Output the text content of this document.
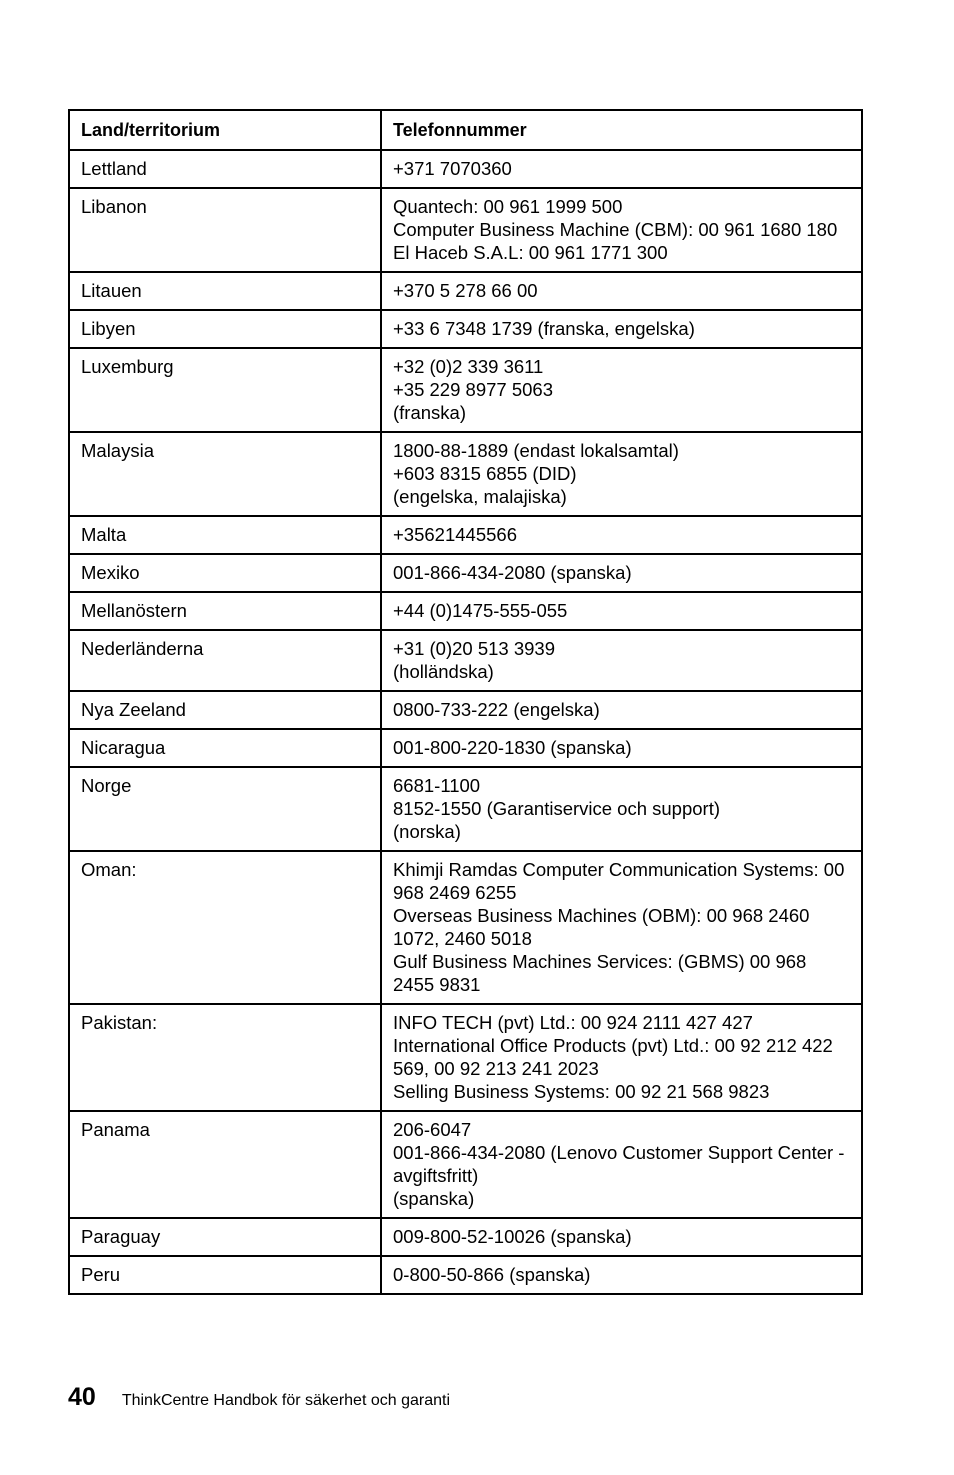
Land/territorium	Telefonnummer
Lettland	+371 7070360

Libanon	Quantech: 00 961 1999 500
Computer Business Machine (CBM): 00 961 1680 180
El Haceb S.A.L: 00 961 1771 300

Litauen	+370 5 278 66 00

Libyen	+33 6 7348 1739 (franska, engelska)

Luxemburg	+32 (0)2 339 3611
+35 229 8977 5063
(franska)

Malaysia	1800-88-1889 (endast lokalsamtal)
+603 8315 6855 (DID)
(engelska, malajiska)

Malta	+35621445566

Mexiko	001-866-434-2080 (spanska)

Mellanöstern	+44 (0)1475-555-055

Nederländerna	+31 (0)20 513 3939
(holländska)

Nya Zeeland	0800-733-222 (engelska)

Nicaragua	001-800-220-1830 (spanska)

Norge	6681-1100
8152-1550 (Garantiservice och support)
(norska)

Oman:	Khimji Ramdas Computer Communication Systems: 00 968 2469 6255
Overseas Business Machines (OBM): 00 968 2460 1072, 2460 5018
Gulf Business Machines Services: (GBMS) 00 968 2455 9831

Pakistan:	INFO TECH (pvt) Ltd.: 00 924 2111 427 427
International Office Products (pvt) Ltd.: 00 92 212 422 569, 00 92 213 241 2023
Selling Business Systems: 00 92 21 568 9823

Panama	206-6047
001-866-434-2080 (Lenovo Customer Support Center - avgiftsfritt)
(spanska)

Paraguay	009-800-52-10026 (spanska)

Peru	0-800-50-866 (spanska)
40 ThinkCentre Handbok för säkerhet och garanti
